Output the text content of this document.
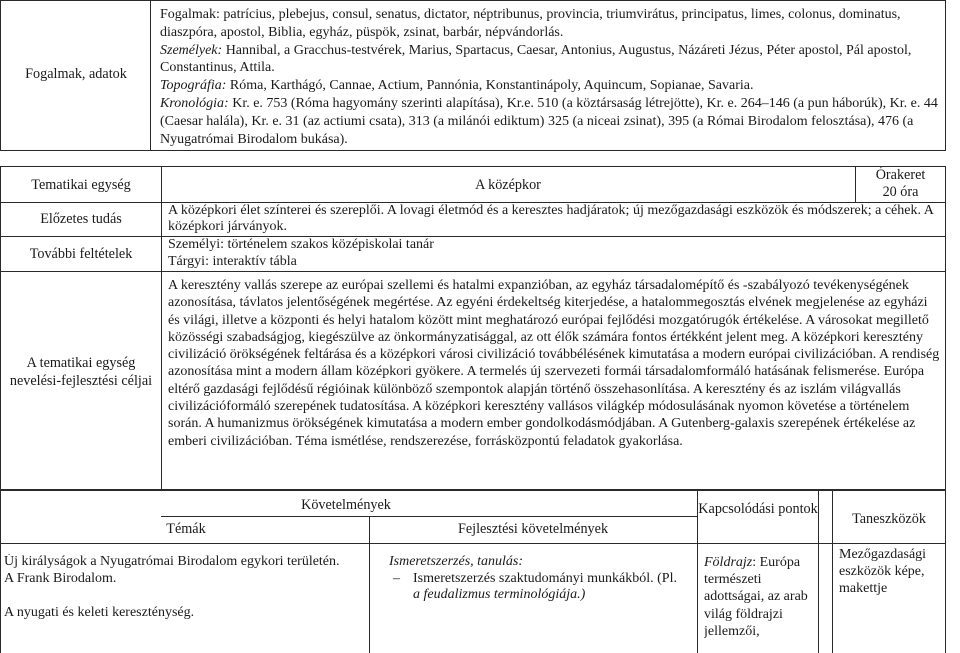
Fogalmak, adatok

Fogalmak: patrícius, plebejus, consul, senatus, dictator, néptribunus, provincia, triumvirátus, principatus, limes, colonus, dominatus, diaszpóra, apostol, Biblia, egyház, püspök, zsinat, barbár, népvándorlás.

Személyek: Hannibal, a Gracchus-testvérek, Marius, Spartacus, Caesar, Antonius, Augustus, Názáreti Jézus, Péter apostol, Pál apostol, Constantinus, Attila.

Topográfia: Róma, Karthágó, Cannae, Actium, Pannónia, Konstantinápoly, Aquincum, Sopianae, Savaria.

Kronológia: Kr. e. 753 (Róma hagyomány szerinti alapítása), Kr.e. 510 (a köztársaság létrejötte), Kr. e. 264–146 (a pun háborúk), Kr. e. 44 (Caesar halála), Kr. e. 31 (az actiumi csata), 313 (a milánói ediktum) 325 (a niceai zsinat), 395 (a Római Birodalom felosztása), 476 (a Nyugatrómai Birodalom bukása).

Tematikai egység	A középkor
Órakeret
20 óra
Előzetes tudás
A középkori élet színterei és szereplői. A lovagi életmód és a keresztes hadjáratok; új mezőgazdasági eszközök és módszerek; a céhek. A középkori járványok.
További feltételek

Személyi: történelem szakos középiskolai tanár

Tárgyi: interaktív tábla

A tematikai egység nevelési-fejlesztési céljai
A keresztény vallás szerepe az európai szellemi és hatalmi expanzióban, az egyház társadalomépítő és -szabályozó tevékenységének azonosítása, távlatos jelentőségének megértése. Az egyéni érdekeltség kiterjedése, a hatalommegosztás elvének megjelenése az egyházi és világi, illetve a központi és helyi hatalom között mint meghatározó európai fejlődési mozgatórugók értékelése. A városokat megillető közösségi szabadságjog, kiegészülve az önkormányzatisággal, az ott élők számára fontos értékként jelent meg. A középkori keresztény civilizáció örökségének feltárása és a középkori városi civilizáció továbbélésének kimutatása a modern európai civilizációban. A rendiség azonosítása mint a modern állam középkori gyökere. A termelés új szervezeti formái társadalomformáló hatásának felismerése. Európa eltérő gazdasági fejlődésű régióinak különböző szempontok alapján történő összehasonlítása. A keresztény és az iszlám világvallás civilizációformáló szerepének tudatosítása. A középkori keresztény vallásos világkép módosulásának nyomon követése a történelem során. A humanizmus örökségének kimutatása a modern ember gondolkodásmódjában. A Gutenberg-galaxis szerepének értékelése az emberi civilizációban. Téma ismétlése, rendszerezése, forrásközpontú feladatok gyakorlása.
Követelmények
Témák	Fejlesztési követelmények
Kapcsolódási pontok
Taneszközök

Új királyságok a Nyugatrómai Birodalom egykori területén.

A Frank Birodalom.

A nyugati és keleti kereszténység.

Ismeretszerzés, tanulás:

– Ismeretszerzés szaktudományi munkákból. (Pl.
a feudalizmus terminológiája.)
Földrajz: Európa természeti adottságai, az arab világ földrajzi jellemzői,
Mezőgazdasági eszközök képe, makettje
